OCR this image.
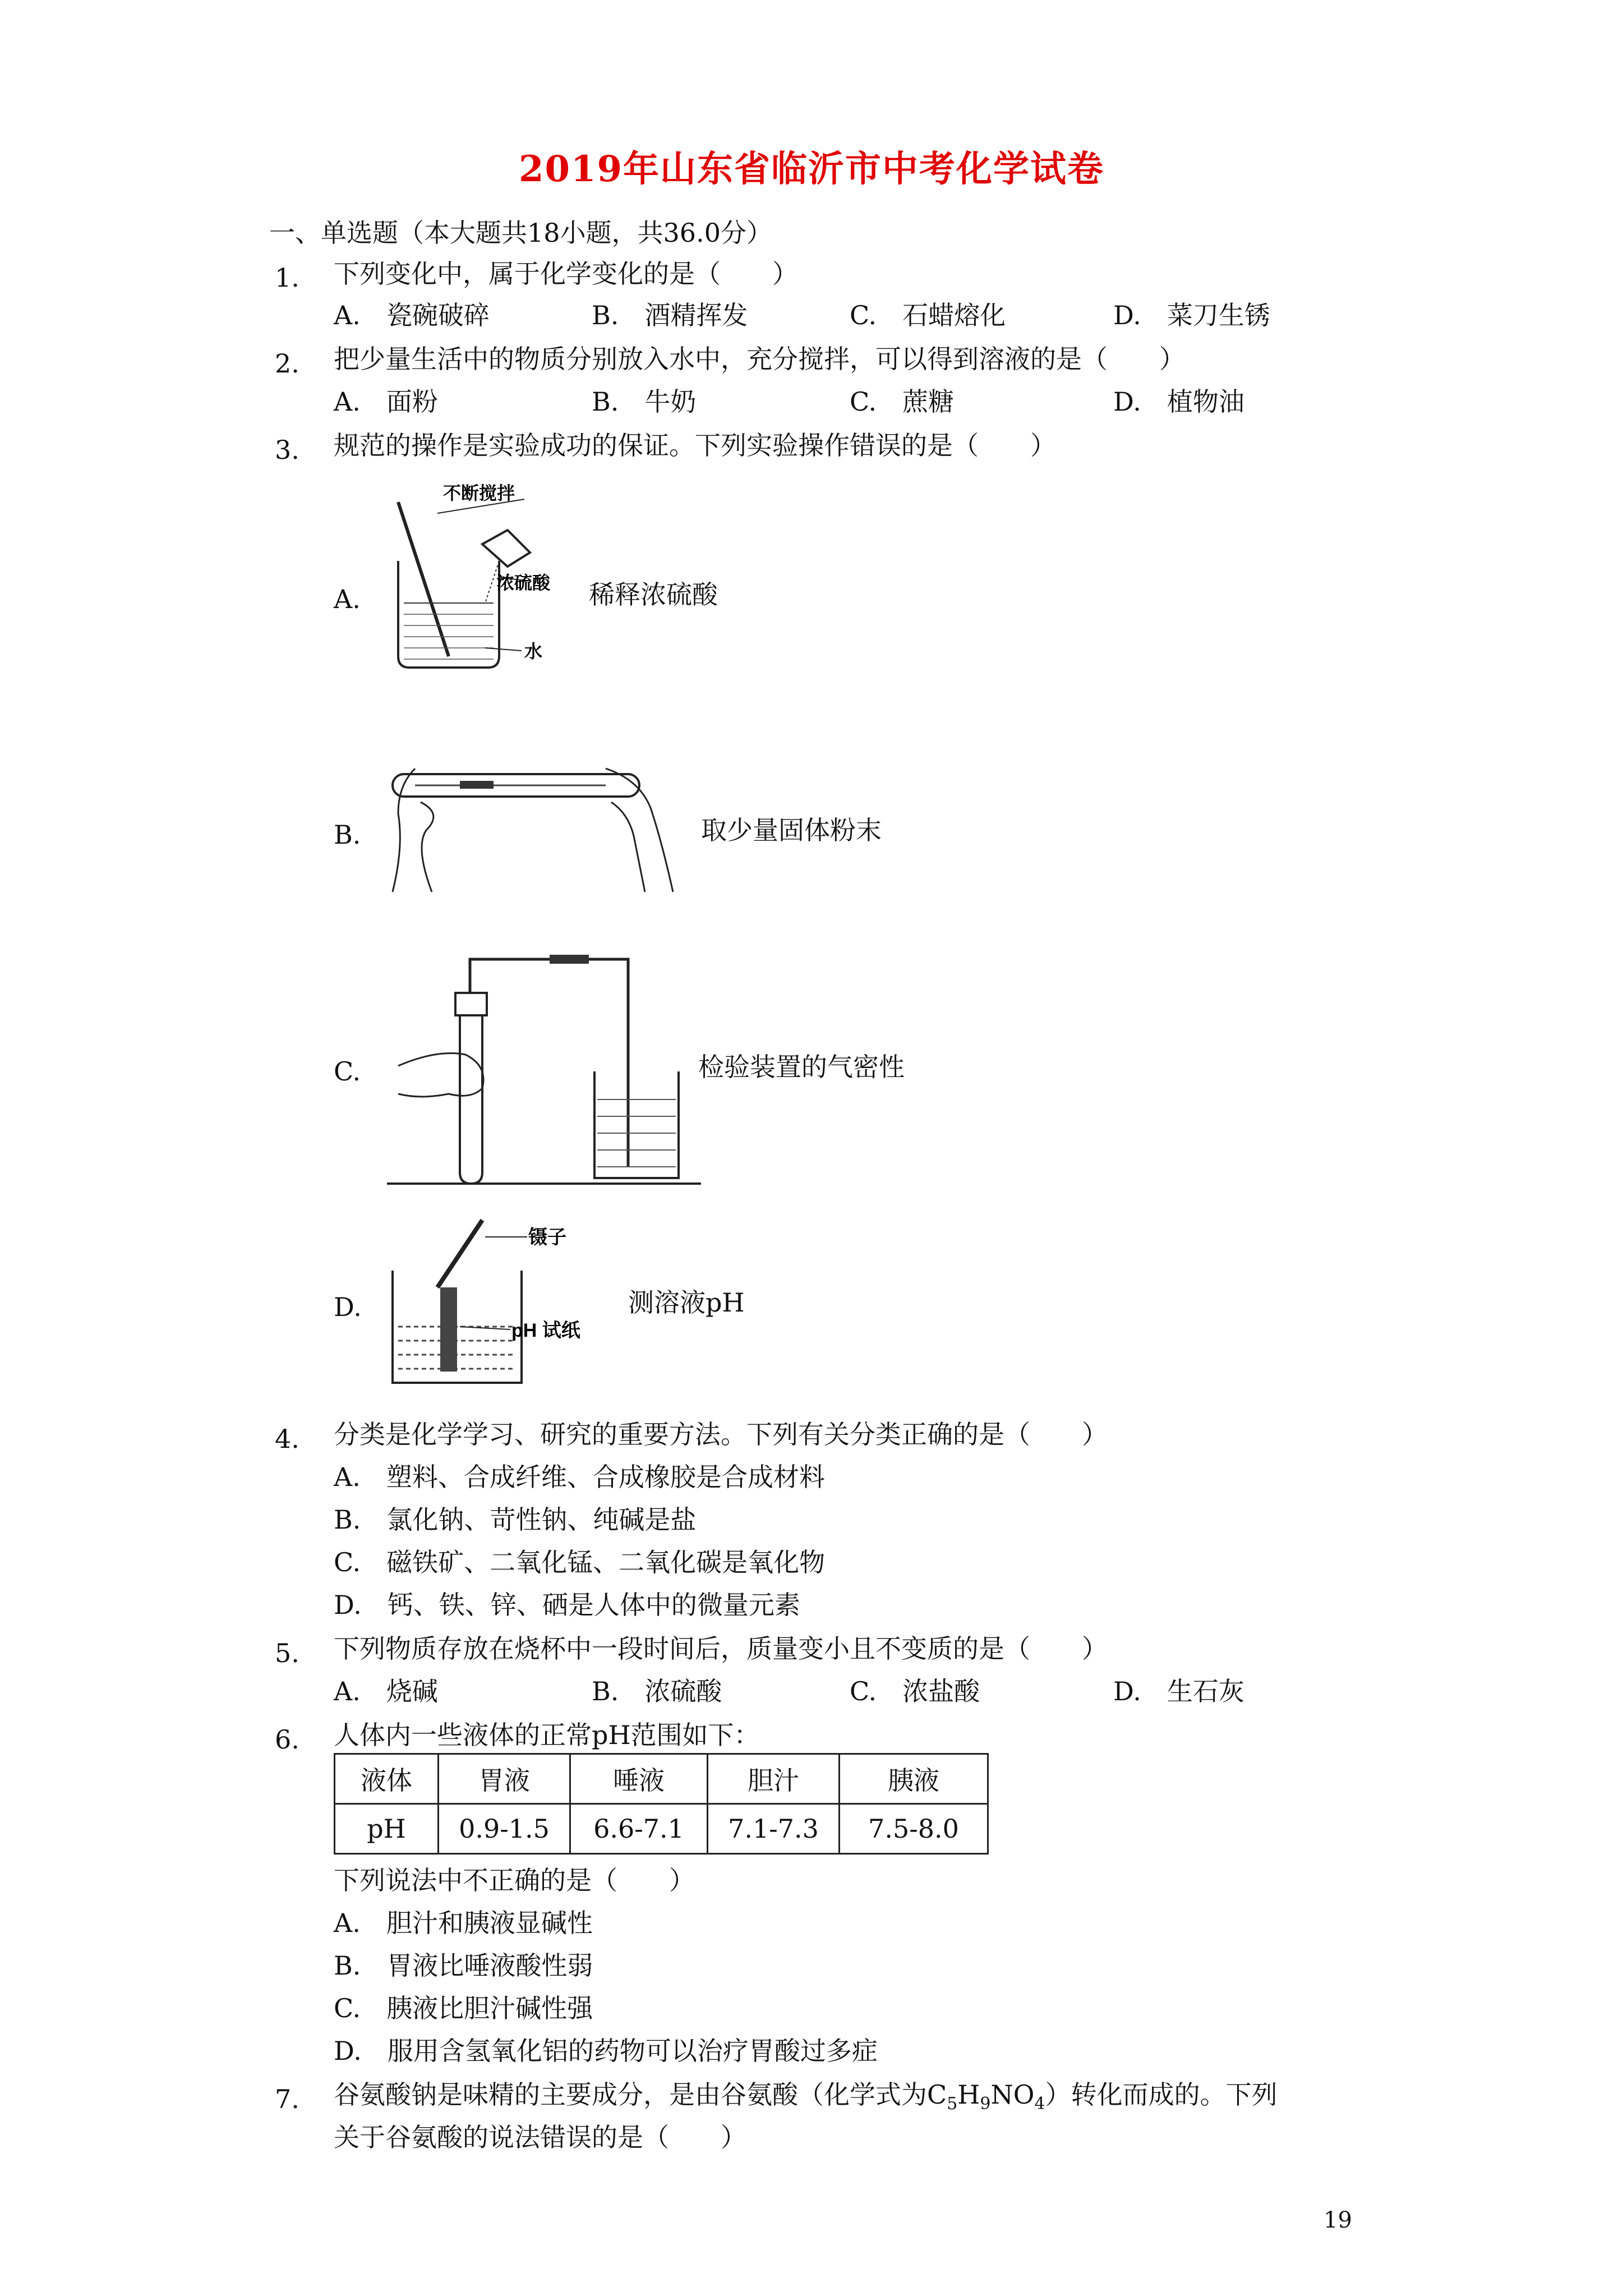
2019年山东省临沂市中考化学试卷
一、单选题（本大题共18小题，共36.0分）
1. 下列变化中，属于化学变化的是（　　）
A.　瓷碗破碎	B.　酒精挥发	C.　石蜡熔化	D.　菜刀生锈
2. 把少量生活中的物质分别放入水中，充分搅拌，可以得到溶液的是（　　）
A.　面粉	B.　牛奶	C.　蔗糖	D.　植物油
3. 规范的操作是实验成功的保证。下列实验操作错误的是（　　）
A.
不断搅拌
浓硫酸
水
稀释浓硫酸
B.	取少量固体粉末
C.	检验装置的气密性
D.
镊子
pH 试纸
测溶液pH
4. 分类是化学学习、研究的重要方法。下列有关分类正确的是（　　）
A.　塑料、合成纤维、合成橡胶是合成材料
B.　氯化钠、苛性钠、纯碱是盐
C.　磁铁矿、二氧化锰、二氧化碳是氧化物
D.　钙、铁、锌、硒是人体中的微量元素
5. 下列物质存放在烧杯中一段时间后，质量变小且不变质的是（　　）
A.　烧碱	B.　浓硫酸	C.　浓盐酸	D.　生石灰
6. 人体内一些液体的正常pH范围如下：
液体	胃液	唾液	胆汁	胰液
pH	0.9-1.5	6.6-7.1	7.1-7.3	7.5-8.0
下列说法中不正确的是（　　）
A.　胆汁和胰液显碱性
B.　胃液比唾液酸性弱
C.　胰液比胆汁碱性强
D.　服用含氢氧化铝的药物可以治疗胃酸过多症
7. 谷氨酸钠是味精的主要成分，是由谷氨酸（化学式为$C_5H_9NO_4$）转化而成的。下列
关于谷氨酸的说法错误的是（　　）
19
